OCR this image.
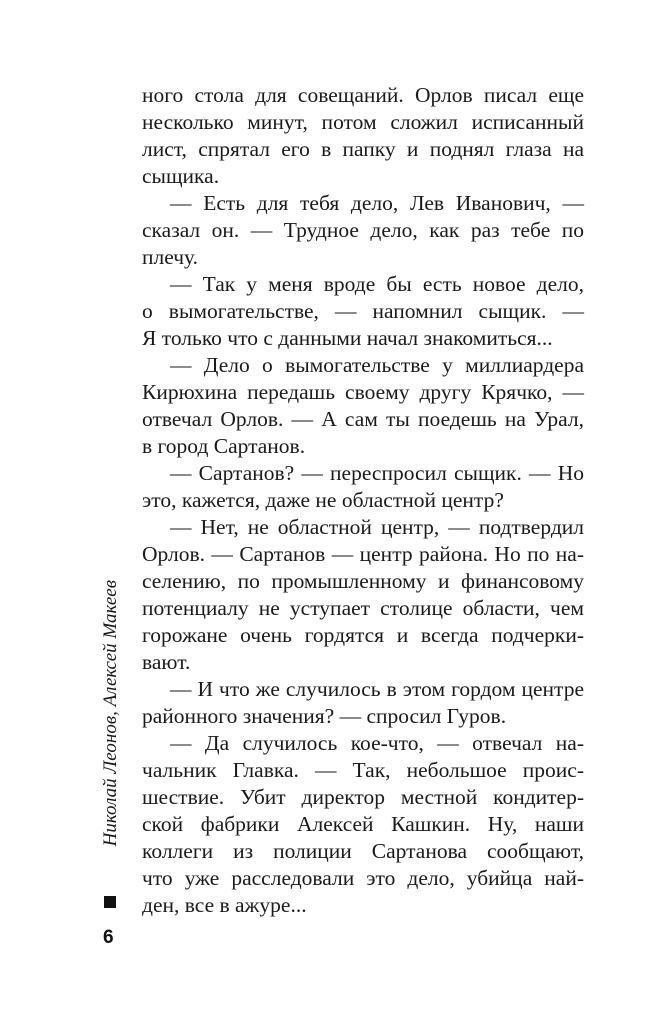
ного стола для совещаний. Орлов писал еще
несколько минут, потом сложил исписанный
лист, спрятал его в папку и поднял глаза на
сыщика.
— Есть для тебя дело, Лев Иванович, —
сказал он. — Трудное дело, как раз тебе по
плечу.
— Так у меня вроде бы есть новое дело,
о вымогательстве, — напомнил сыщик. —
Я только что с данными начал знакомиться...
— Дело о вымогательстве у миллиардера
Кирюхина передашь своему другу Крячко, —
отвечал Орлов. — А сам ты поедешь на Урал,
в город Сартанов.
— Сартанов? — переспросил сыщик. — Но
это, кажется, даже не областной центр?
— Нет, не областной центр, — подтвердил
Орлов. — Сартанов — центр района. Но по на-
селению, по промышленному и финансовому
потенциалу не уступает столице области, чем
горожане очень гордятся и всегда подчерки-
вают.
— И что же случилось в этом гордом центре
районного значения? — спросил Гуров.
— Да случилось кое-что, — отвечал на-
чальник Главка. — Так, небольшое проис-
шествие. Убит директор местной кондитер-
ской фабрики Алексей Кашкин. Ну, наши
коллеги из полиции Сартанова сообщают,
что уже расследовали это дело, убийца най-
ден, все в ажуре...
Николай Леонов, Алексей Макеев
6
